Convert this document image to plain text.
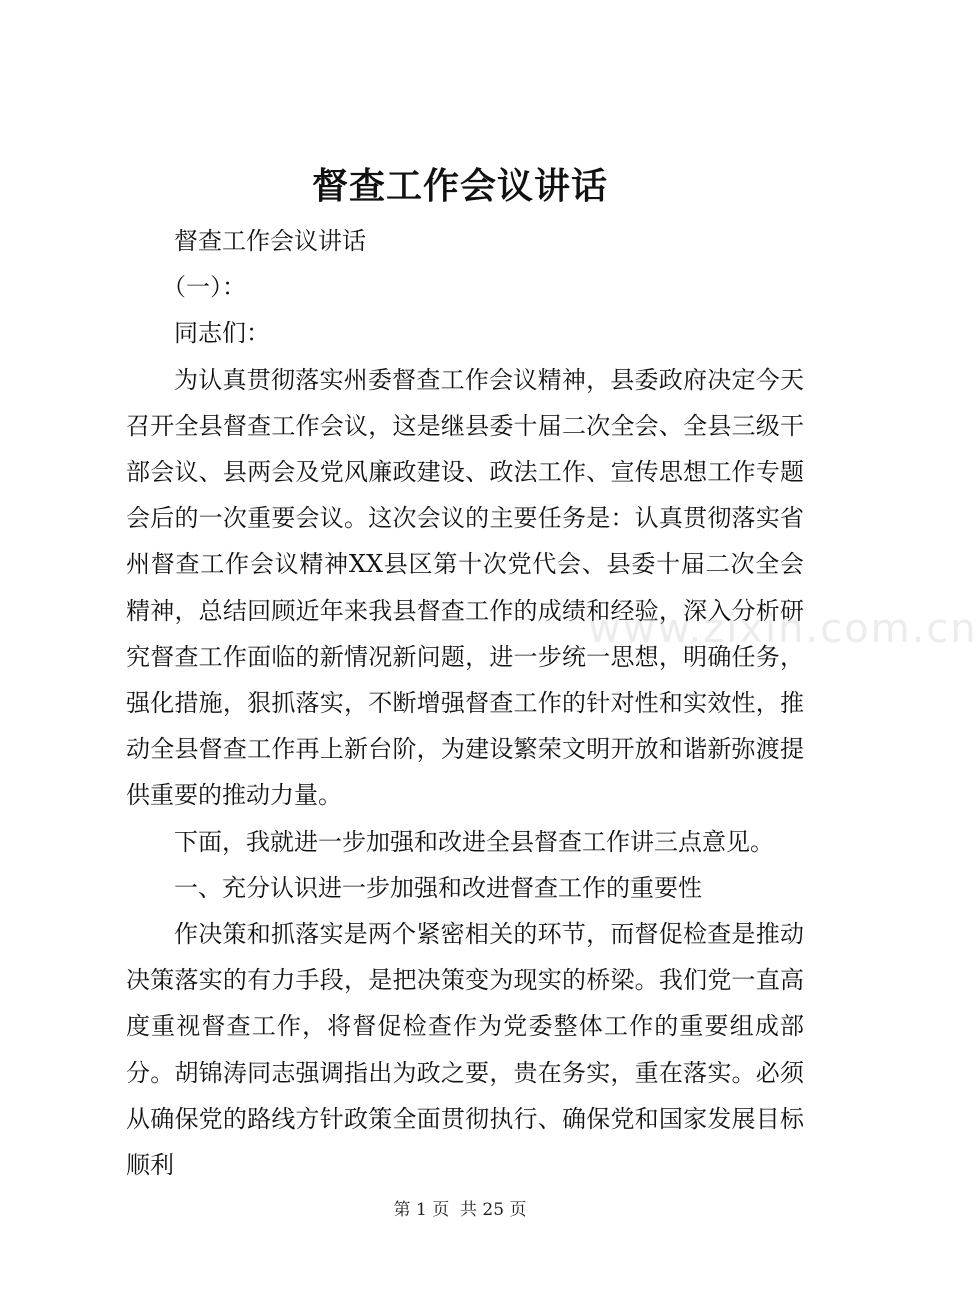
督查工作会议讲话

督查工作会议讲话

（一）：

同志们：

为认真贯彻落实州委督查工作会议精神，县委政府决定今天召开全县督查工作会议，这是继县委十届二次全会、全县三级干部会议、县两会及党风廉政建设、政法工作、宣传思想工作专题会后的一次重要会议。这次会议的主要任务是：认真贯彻落实省州督查工作会议精神XX县区第十次党代会、县委十届二次全会精神，总结回顾近年来我县督查工作的成绩和经验，深入分析研究督查工作面临的新情况新问题，进一步统一思想，明确任务，强化措施，狠抓落实，不断增强督查工作的针对性和实效性，推动全县督查工作再上新台阶，为建设繁荣文明开放和谐新弥渡提供重要的推动力量。

下面，我就进一步加强和改进全县督查工作讲三点意见。

一、充分认识进一步加强和改进督查工作的重要性

作决策和抓落实是两个紧密相关的环节，而督促检查是推动决策落实的有力手段，是把决策变为现实的桥梁。我们党一直高度重视督查工作，将督促检查作为党委整体工作的重要组成部分。胡锦涛同志强调指出为政之要，贵在务实，重在落实。必须从确保党的路线方针政策全面贯彻执行、确保党和国家发展目标顺利

www.zixin.com.cn
第 1 页  共 25 页
